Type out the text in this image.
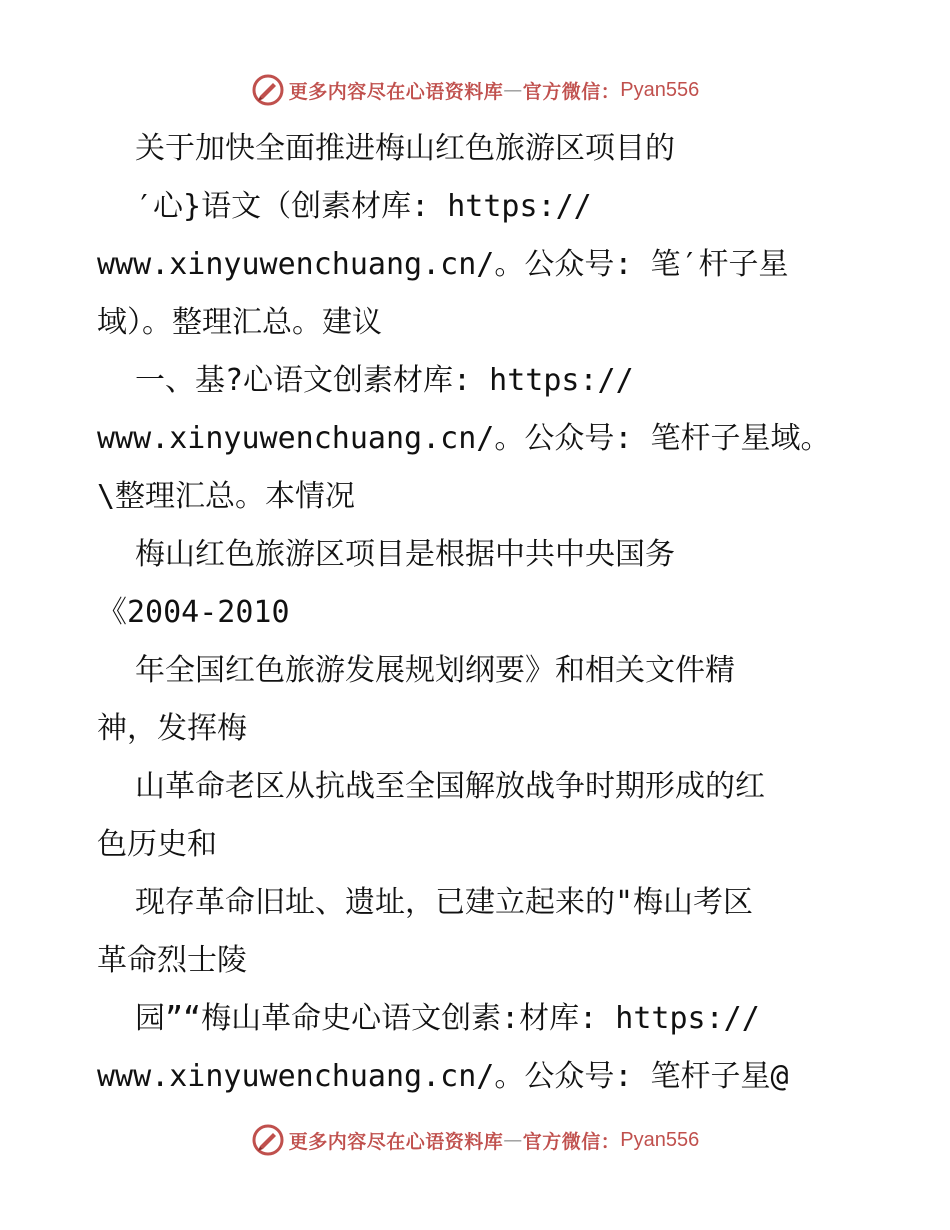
更多内容尽在心语资料库 — 官方微信： Pyan556
关于加快全面推进梅山红色旅游区项目的
′心}语文（创素材库: https://
www.xinyuwenchuang.cn/。公众号: 笔′杆子星
域）。整理汇总。建议
一、基?心语文创素材库: https://
www.xinyuwenchuang.cn/。公众号: 笔杆子星域。
\整理汇总。本情况
梅山红色旅游区项目是根据中共中央国务
《2004-2010
年全国红色旅游发展规划纲要》和相关文件精
神，发挥梅
山革命老区从抗战至全国解放战争时期形成的红
色历史和
现存革命旧址、遗址，已建立起来的"梅山考区
革命烈士陵
园”“梅山革命史心语文创素:材库: https://
www.xinyuwenchuang.cn/。公众号: 笔杆子星@
更多内容尽在心语资料库 — 官方微信： Pyan556
